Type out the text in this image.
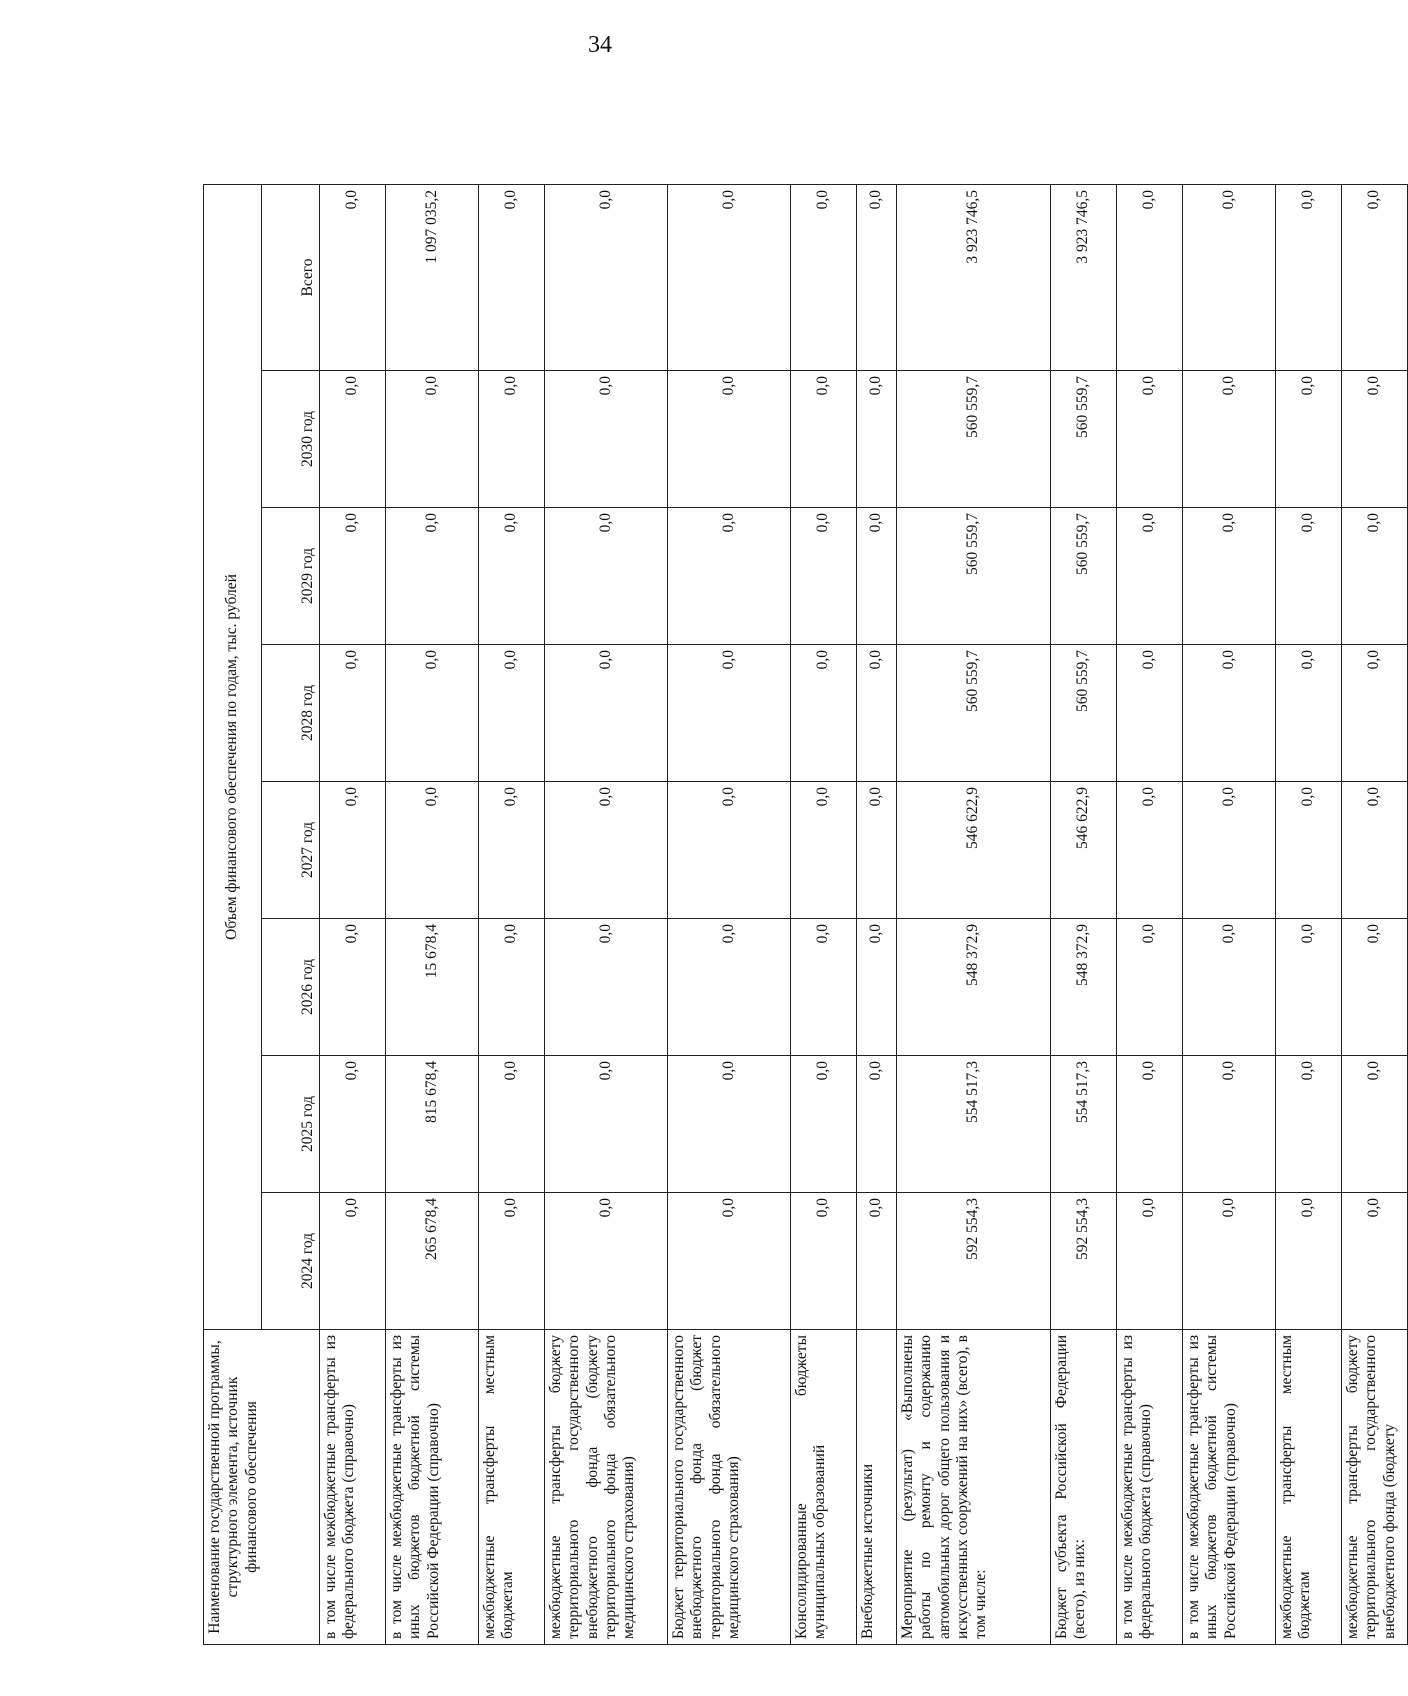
34
Наименование государственной программы, структурного элемента, источник финансового обеспечения	Объем финансового обеспечения по годам, тыс. рублей							
	2024 год	2025 год	2026 год	2027 год	2028 год	2029 год	2030 год	Всего
в том числе межбюджетные трансферты из федерального бюджета (справочно)	0,0	0,0	0,0	0,0	0,0	0,0	0,0	0,0
в том числе межбюджетные трансферты из иных бюджетов бюджетной системы Российской Федерации (справочно)	265 678,4	815 678,4	15 678,4	0,0	0,0	0,0	0,0	1 097 035,2
межбюджетные трансферты местным бюджетам	0,0	0,0	0,0	0,0	0,0	0,0	0,0	0,0
межбюджетные трансферты бюджету территориального государственного внебюджетного фонда (бюджету территориального фонда обязательного медицинского страхования)	0,0	0,0	0,0	0,0	0,0	0,0	0,0	0,0
Бюджет территориального государственного внебюджетного фонда (бюджет территориального фонда обязательного медицинского страхования)	0,0	0,0	0,0	0,0	0,0	0,0	0,0	0,0
Консолидированные бюджеты муниципальных образований	0,0	0,0	0,0	0,0	0,0	0,0	0,0	0,0
Внебюджетные источники	0,0	0,0	0,0	0,0	0,0	0,0	0,0	0,0
Мероприятие (результат) «Выполнены работы по ремонту и содержанию автомобильных дорог общего пользования и искусственных сооружений на них» (всего), в том числе:	592 554,3	554 517,3	548 372,9	546 622,9	560 559,7	560 559,7	560 559,7	3 923 746,5
Бюджет субъекта Российской Федерации (всего), из них:	592 554,3	554 517,3	548 372,9	546 622,9	560 559,7	560 559,7	560 559,7	3 923 746,5
в том числе межбюджетные трансферты из федерального бюджета (справочно)	0,0	0,0	0,0	0,0	0,0	0,0	0,0	0,0
в том числе межбюджетные трансферты из иных бюджетов бюджетной системы Российской Федерации (справочно)	0,0	0,0	0,0	0,0	0,0	0,0	0,0	0,0
межбюджетные трансферты местным бюджетам	0,0	0,0	0,0	0,0	0,0	0,0	0,0	0,0
межбюджетные трансферты бюджету территориального государственного внебюджетного фонда (бюджету	0,0	0,0	0,0	0,0	0,0	0,0	0,0	0,0
